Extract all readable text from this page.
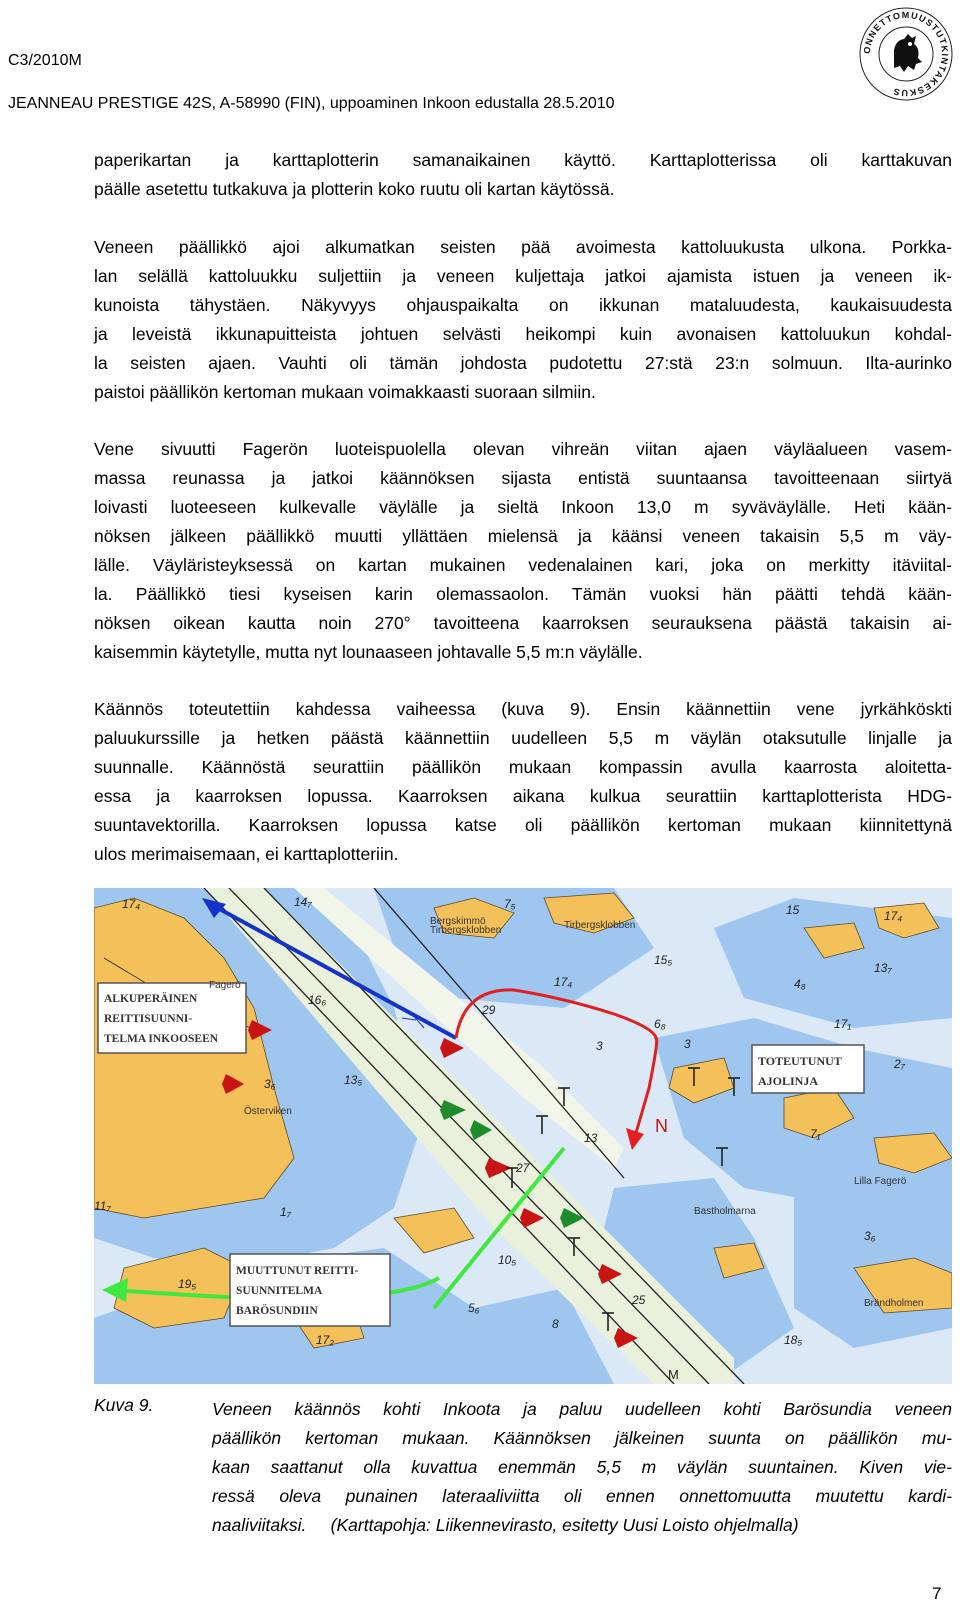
C3/2010M
JEANNEAU PRESTIGE 42S, A-58990 (FIN), uppoaminen Inkoon edustalla 28.5.2010
ONNETTOMUUSTUTKINTAKESKUS
paperikartan ja karttaplotterin samanaikainen käyttö. Karttaplotterissa oli karttakuvan
päälle asetettu tutkakuva ja plotterin koko ruutu oli kartan käytössä.
Veneen päällikkö ajoi alkumatkan seisten pää avoimesta kattoluukusta ulkona. Porkka-
lan selällä kattoluukku suljettiin ja veneen kuljettaja jatkoi ajamista istuen ja veneen ik-
kunoista tähystäen. Näkyvyys ohjauspaikalta on ikkunan mataluudesta, kaukaisuudesta
ja leveistä ikkunapuitteista johtuen selvästi heikompi kuin avonaisen kattoluukun kohdal-
la seisten ajaen. Vauhti oli tämän johdosta pudotettu 27:stä 23:n solmuun. Ilta-aurinko
paistoi päällikön kertoman mukaan voimakkaasti suoraan silmiin.
Vene sivuutti Fagerön luoteispuolella olevan vihreän viitan ajaen väyläalueen vasem-
massa reunassa ja jatkoi käännöksen sijasta entistä suuntaansa tavoitteenaan siirtyä
loivasti luoteeseen kulkevalle väylälle ja sieltä Inkoon 13,0 m syväväylälle. Heti kään-
nöksen jälkeen päällikkö muutti yllättäen mielensä ja käänsi veneen takaisin 5,5 m väy-
lälle. Väyläristeyksessä on kartan mukainen vedenalainen kari, joka on merkitty itäviital-
la. Päällikkö tiesi kyseisen karin olemassaolon. Tämän vuoksi hän päätti tehdä kään-
nöksen oikean kautta noin 270° tavoitteena kaarroksen seurauksena päästä takaisin ai-
kaisemmin käytetylle, mutta nyt lounaaseen johtavalle 5,5 m:n väylälle.
Käännös toteutettiin kahdessa vaiheessa (kuva 9). Ensin käännettiin vene jyrkähköskti
paluukurssille ja hetken päästä käännettiin uudelleen 5,5 m väylän otaksutulle linjalle ja
suunnalle. Käännöstä seurattiin päällikön mukaan kompassin avulla kaarrosta aloitetta-
essa ja kaarroksen lopussa. Kaarroksen aikana kulkua seurattiin karttaplotterista HDG-
suuntavektorilla. Kaarroksen lopussa katse oli päällikön kertoman mukaan kiinnitettynä
ulos merimaisemaan, ei karttaplotteriin.
ALKUPERÄINEN
REITTISUUNNI-
TELMA INKOOSEEN
TOTEUTUNUT
AJOLINJA
MUUTTUNUT REITTI-
SUUNNITELMA
BARÖSUNDIIN
Tirbergsklobben
Bergskimmö	Tirbergsklobben
Fagerö
Österviken
Lilla Fagerö
Bastholmarna
Brändholmen
17₄	14₇	7₅	15	17₄
15₅
13₇
4₈
16₆
29
17₄
6₈
3
13₅
3₆
2₇
7₁
17₁
13
27
1₇
11₇
10₅
5₆
19₅
17₂
8
18₅
3₆
25
3
N
M
Kuva 9.	Veneen käännös kohti Inkoota ja paluu uudelleen kohti Barösundia veneen
päällikön kertoman mukaan. Käännöksen jälkeinen suunta on päällikön mu-
kaan saattanut olla kuvattua enemmän 5,5 m väylän suuntainen. Kiven vie-
ressä oleva punainen lateraaliviitta oli ennen onnettomuutta muutettu kardi-
naaliviitaksi.     (Karttapohja: Liikennevirasto, esitetty Uusi Loisto ohjelmalla)
7
